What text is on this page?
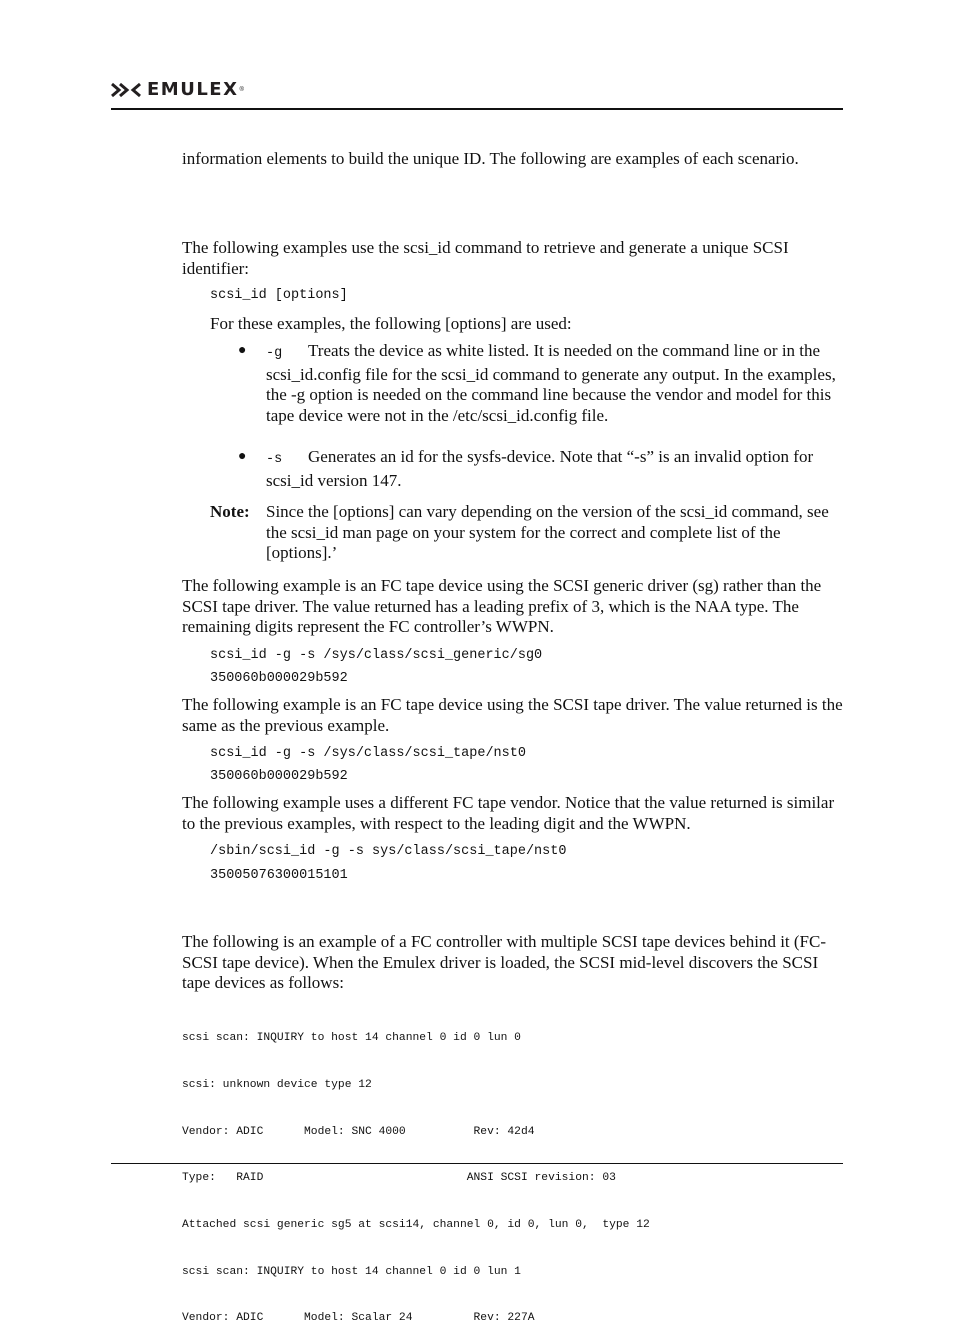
EMULEX ®

information elements to build the unique ID. The following are examples of each scenario.

The following examples use the scsi_id command to retrieve and generate a unique SCSI identifier:

scsi_id [options]

For these examples, the following [options] are used:

● -g Treats the device as white listed. It is needed on the command line or in the scsi_id.config file for the scsi_id command to generate any output. In the examples, the -g option is needed on the command line because the vendor and model for this tape device were not in the /etc/scsi_id.config file.

● -s Generates an id for the sysfs-device. Note that “-s” is an invalid option for scsi_id version 147.

Note: Since the [options] can vary depending on the version of the scsi_id command, see the scsi_id man page on your system for the correct and complete list of the [options].’

The following example is an FC tape device using the SCSI generic driver (sg) rather than the SCSI tape driver. The value returned has a leading prefix of 3, which is the NAA type. The remaining digits represent the FC controller’s WWPN.

scsi_id -g -s /sys/class/scsi_generic/sg0

350060b000029b592

The following example is an FC tape device using the SCSI tape driver. The value returned is the same as the previous example.

scsi_id -g -s /sys/class/scsi_tape/nst0

350060b000029b592

The following example uses a different FC tape vendor. Notice that the value returned is similar to the previous examples, with respect to the leading digit and the WWPN.

/sbin/scsi_id -g -s sys/class/scsi_tape/nst0

35005076300015101

The following is an example of a FC controller with multiple SCSI tape devices behind it (FC-SCSI tape device). When the Emulex driver is loaded, the SCSI mid-level discovers the SCSI tape devices as follows:

scsi scan: INQUIRY to host 14 channel 0 id 0 lun 0

scsi: unknown device type 12

Vendor: ADIC      Model: SNC 4000          Rev: 42d4

Type:   RAID                              ANSI SCSI revision: 03

Attached scsi generic sg5 at scsi14, channel 0, id 0, lun 0,  type 12

scsi scan: INQUIRY to host 14 channel 0 id 0 lun 1

Vendor: ADIC      Model: Scalar 24         Rev: 227A
